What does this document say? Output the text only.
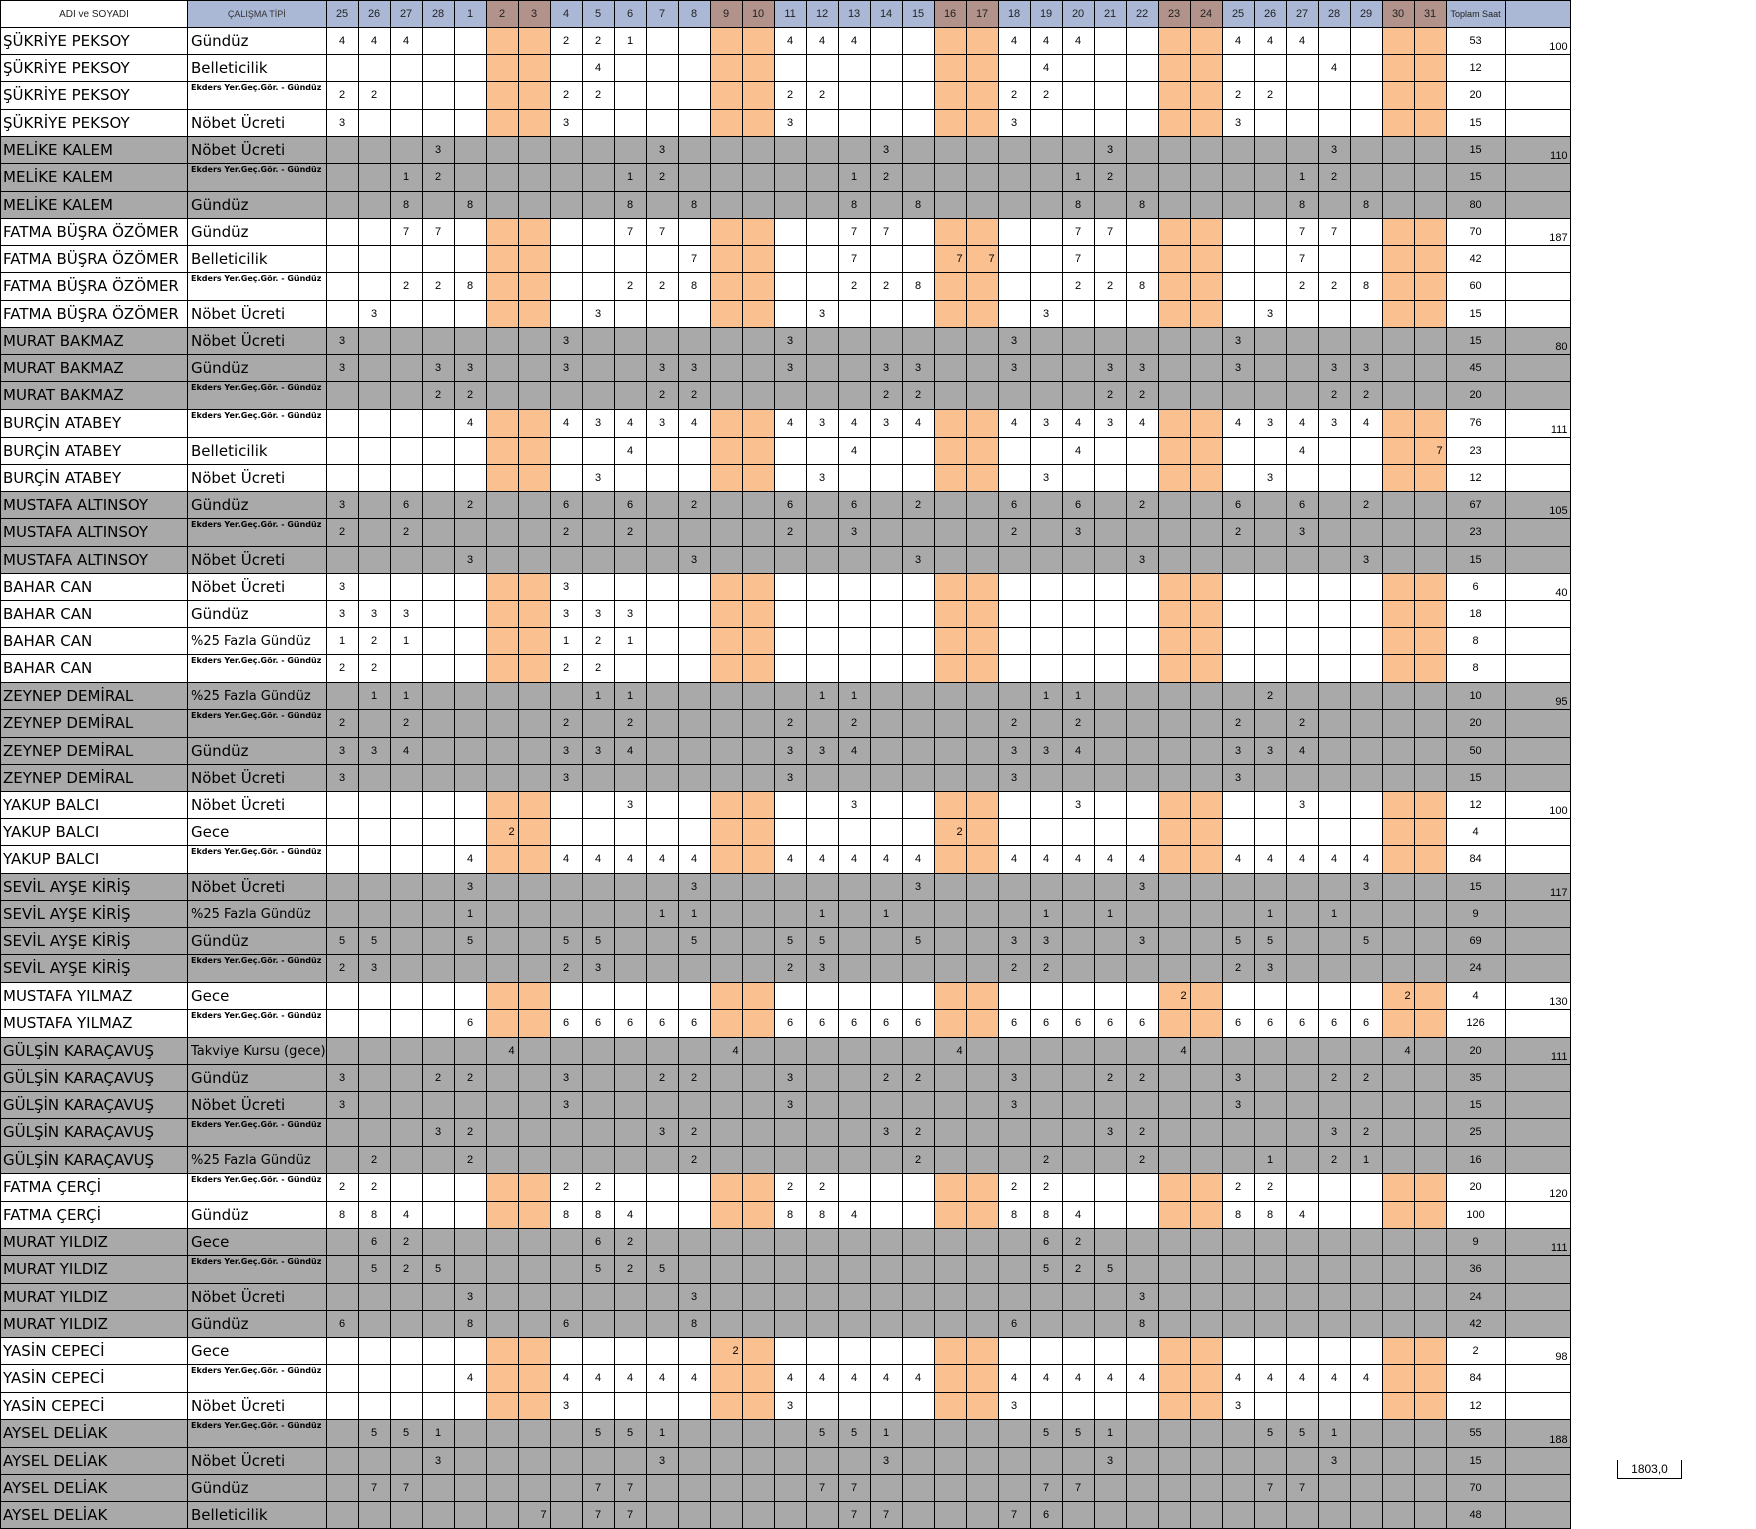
ADI ve SOYADI	ÇALIŞMA TİPİ	25	26	27	28	1	2	3	4	5	6	7	8	9	10	11	12	13	14	15	16	17	18	19	20	21	22	23	24	25	26	27	28	29	30	31	Toplam Saat	
ŞÜKRİYE PEKSOY	Gündüz	4	4	4					2	2	1					4	4	4					4	4	4					4	4	4					53	100
ŞÜKRİYE PEKSOY	Belleticilik									4														4									4				12	
ŞÜKRİYE PEKSOY	Ekders Yer.Geç.Gör. - Gündüz	2	2						2	2						2	2						2	2						2	2						20	
ŞÜKRİYE PEKSOY	Nöbet Ücreti	3							3							3							3							3							15	
MELİKE KALEM	Nöbet Ücreti				3							3							3							3							3				15	110
MELİKE KALEM	Ekders Yer.Geç.Gör. - Gündüz			1	2						1	2						1	2						1	2						1	2				15	
MELİKE KALEM	Gündüz			8		8					8		8					8		8					8		8					8		8			80	
FATMA BÜŞRA ÖZÖMER	Gündüz			7	7						7	7						7	7						7	7						7	7				70	187
FATMA BÜŞRA ÖZÖMER	Belleticilik												7					7			7	7			7							7					42	
FATMA BÜŞRA ÖZÖMER	Ekders Yer.Geç.Gör. - Gündüz			2	2	8					2	2	8					2	2	8					2	2	8					2	2	8			60	
FATMA BÜŞRA ÖZÖMER	Nöbet Ücreti		3							3							3							3							3						15	
MURAT BAKMAZ	Nöbet Ücreti	3							3							3							3							3							15	80
MURAT BAKMAZ	Gündüz	3			3	3			3			3	3			3			3	3			3			3	3			3			3	3			45	
MURAT BAKMAZ	Ekders Yer.Geç.Gör. - Gündüz				2	2						2	2						2	2						2	2						2	2			20	
BURÇİN ATABEY	Ekders Yer.Geç.Gör. - Gündüz					4			4	3	4	3	4			4	3	4	3	4			4	3	4	3	4			4	3	4	3	4			76	111
BURÇİN ATABEY	Belleticilik										4							4							4							4				7	23	
BURÇİN ATABEY	Nöbet Ücreti									3							3							3							3						12	
MUSTAFA ALTINSOY	Gündüz	3		6		2			6		6		2			6		6		2			6		6		2			6		6		2			67	105
MUSTAFA ALTINSOY	Ekders Yer.Geç.Gör. - Gündüz	2		2					2		2					2		3					2		3					2		3					23	
MUSTAFA ALTINSOY	Nöbet Ücreti					3							3							3							3							3			15	
BAHAR CAN	Nöbet Ücreti	3							3																												6	40
BAHAR CAN	Gündüz	3	3	3					3	3	3																										18	
BAHAR CAN	%25 Fazla Gündüz	1	2	1					1	2	1																										8	
BAHAR CAN	Ekders Yer.Geç.Gör. - Gündüz	2	2						2	2																											8	
ZEYNEP DEMİRAL	%25 Fazla Gündüz		1	1						1	1						1	1						1	1						2						10	95
ZEYNEP DEMİRAL	Ekders Yer.Geç.Gör. - Gündüz	2		2					2		2					2		2					2		2					2		2					20	
ZEYNEP DEMİRAL	Gündüz	3	3	4					3	3	4					3	3	4					3	3	4					3	3	4					50	
ZEYNEP DEMİRAL	Nöbet Ücreti	3							3							3							3							3							15	
YAKUP BALCI	Nöbet Ücreti										3							3							3							3					12	100
YAKUP BALCI	Gece						2														2																4	
YAKUP BALCI	Ekders Yer.Geç.Gör. - Gündüz					4			4	4	4	4	4			4	4	4	4	4			4	4	4	4	4			4	4	4	4	4			84	
SEVİL AYŞE KİRİŞ	Nöbet Ücreti					3							3							3							3							3			15	117
SEVİL AYŞE KİRİŞ	%25 Fazla Gündüz					1						1	1				1		1					1		1					1		1				9	
SEVİL AYŞE KİRİŞ	Gündüz	5	5			5			5	5			5			5	5			5			3	3			3			5	5			5			69	
SEVİL AYŞE KİRİŞ	Ekders Yer.Geç.Gör. - Gündüz	2	3						2	3						2	3						2	2						2	3						24	
MUSTAFA YILMAZ	Gece																											2							2		4	130
MUSTAFA YILMAZ	Ekders Yer.Geç.Gör. - Gündüz					6			6	6	6	6	6			6	6	6	6	6			6	6	6	6	6			6	6	6	6	6			126	
GÜLŞİN KARAÇAVUŞ	Takviye Kursu (gece)						4							4							4							4							4		20	111
GÜLŞİN KARAÇAVUŞ	Gündüz	3			2	2			3			2	2			3			2	2			3			2	2			3			2	2			35	
GÜLŞİN KARAÇAVUŞ	Nöbet Ücreti	3							3							3							3							3							15	
GÜLŞİN KARAÇAVUŞ	Ekders Yer.Geç.Gör. - Gündüz				3	2						3	2						3	2						3	2						3	2			25	
GÜLŞİN KARAÇAVUŞ	%25 Fazla Gündüz		2			2							2							2				2			2				1		2	1			16	
FATMA ÇERÇİ	Ekders Yer.Geç.Gör. - Gündüz	2	2						2	2						2	2						2	2						2	2						20	120
FATMA ÇERÇİ	Gündüz	8	8	4					8	8	4					8	8	4					8	8	4					8	8	4					100	
MURAT YILDIZ	Gece		6	2						6	2													6	2												9	111
MURAT YILDIZ	Ekders Yer.Geç.Gör. - Gündüz		5	2	5					5	2	5												5	2	5											36	
MURAT YILDIZ	Nöbet Ücreti					3							3														3										24	
MURAT YILDIZ	Gündüz	6				8			6				8										6				8										42	
YASİN CEPECİ	Gece													2																							2	98
YASİN CEPECİ	Ekders Yer.Geç.Gör. - Gündüz					4			4	4	4	4	4			4	4	4	4	4			4	4	4	4	4			4	4	4	4	4			84	
YASİN CEPECİ	Nöbet Ücreti								3							3							3							3							12	
AYSEL DELİAK	Ekders Yer.Geç.Gör. - Gündüz		5	5	1					5	5	1					5	5	1					5	5	1					5	5	1				55	188
AYSEL DELİAK	Nöbet Ücreti				3							3							3							3							3				15	
AYSEL DELİAK	Gündüz		7	7						7	7						7	7						7	7						7	7					70	
AYSEL DELİAK	Belleticilik							7		7	7							7	7				7	6													48	
1803,0
